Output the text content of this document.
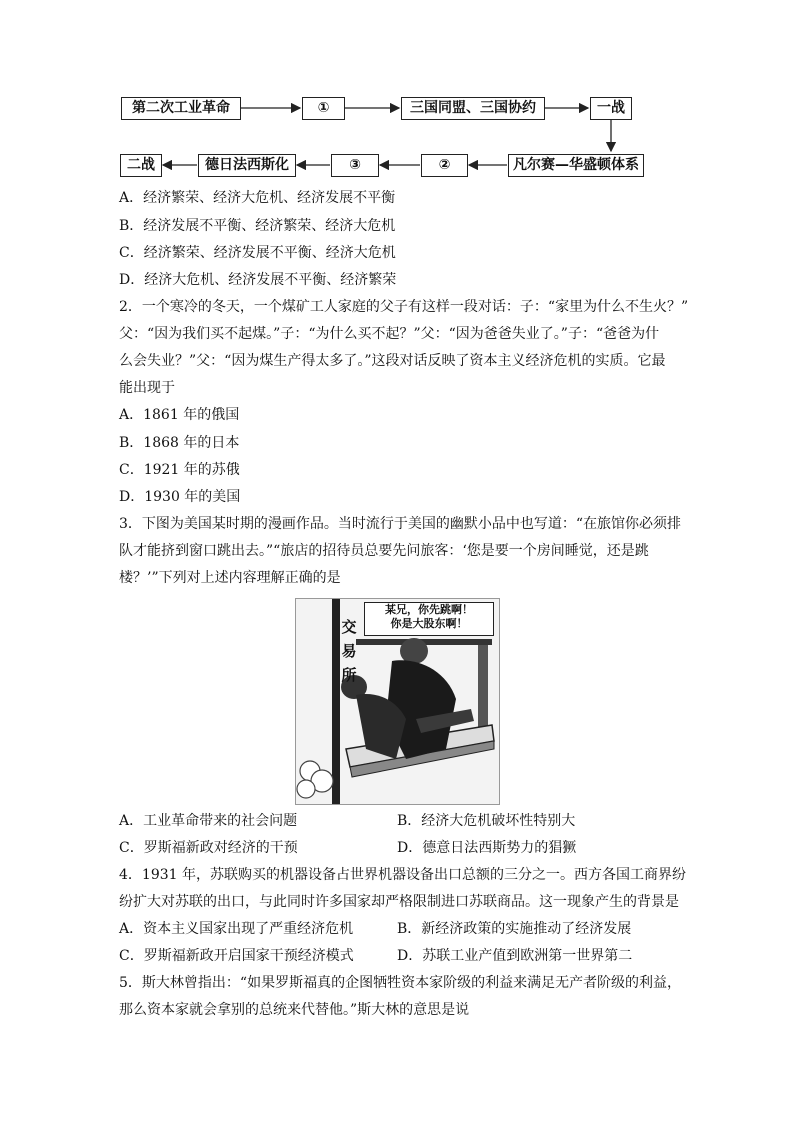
第二次工业革命	①	三国同盟、三国协约	一战
二战	德日法西斯化	③	②	凡尔赛—华盛顿体系
A．经济繁荣、经济大危机、经济发展不平衡
B．经济发展不平衡、经济繁荣、经济大危机
C．经济繁荣、经济发展不平衡、经济大危机
D．经济大危机、经济发展不平衡、经济繁荣
2．一个寒冷的冬天，一个煤矿工人家庭的父子有这样一段对话：子：“家里为什么不生火？”
父：“因为我们买不起煤。”子：“为什么买不起？”父：“因为爸爸失业了。”子：“爸爸为什
么会失业？”父：“因为煤生产得太多了。”这段对话反映了资本主义经济危机的实质。它最
能出现于
A．1861 年的俄国
B．1868 年的日本
C．1921 年的苏俄
D．1930 年的美国
3．下图为美国某时期的漫画作品。当时流行于美国的幽默小品中也写道：“在旅馆你必须排
队才能挤到窗口跳出去。”“旅店的招待员总要先问旅客：‘您是要一个房间睡觉，还是跳
楼？’”下列对上述内容理解正确的是
某兄，你先跳啊！
你是大股东啊！
交
易
所
A．工业革命带来的社会问题	B．经济大危机破坏性特别大
C．罗斯福新政对经济的干预	D．德意日法西斯势力的猖獗
4．1931 年，苏联购买的机器设备占世界机器设备出口总额的三分之一。西方各国工商界纷
纷扩大对苏联的出口，与此同时许多国家却严格限制进口苏联商品。这一现象产生的背景是
A．资本主义国家出现了严重经济危机	B．新经济政策的实施推动了经济发展
C．罗斯福新政开启国家干预经济模式	D．苏联工业产值到欧洲第一世界第二
5．斯大林曾指出：“如果罗斯福真的企图牺牲资本家阶级的利益来满足无产者阶级的利益，
那么资本家就会拿别的总统来代替他。”斯大林的意思是说
